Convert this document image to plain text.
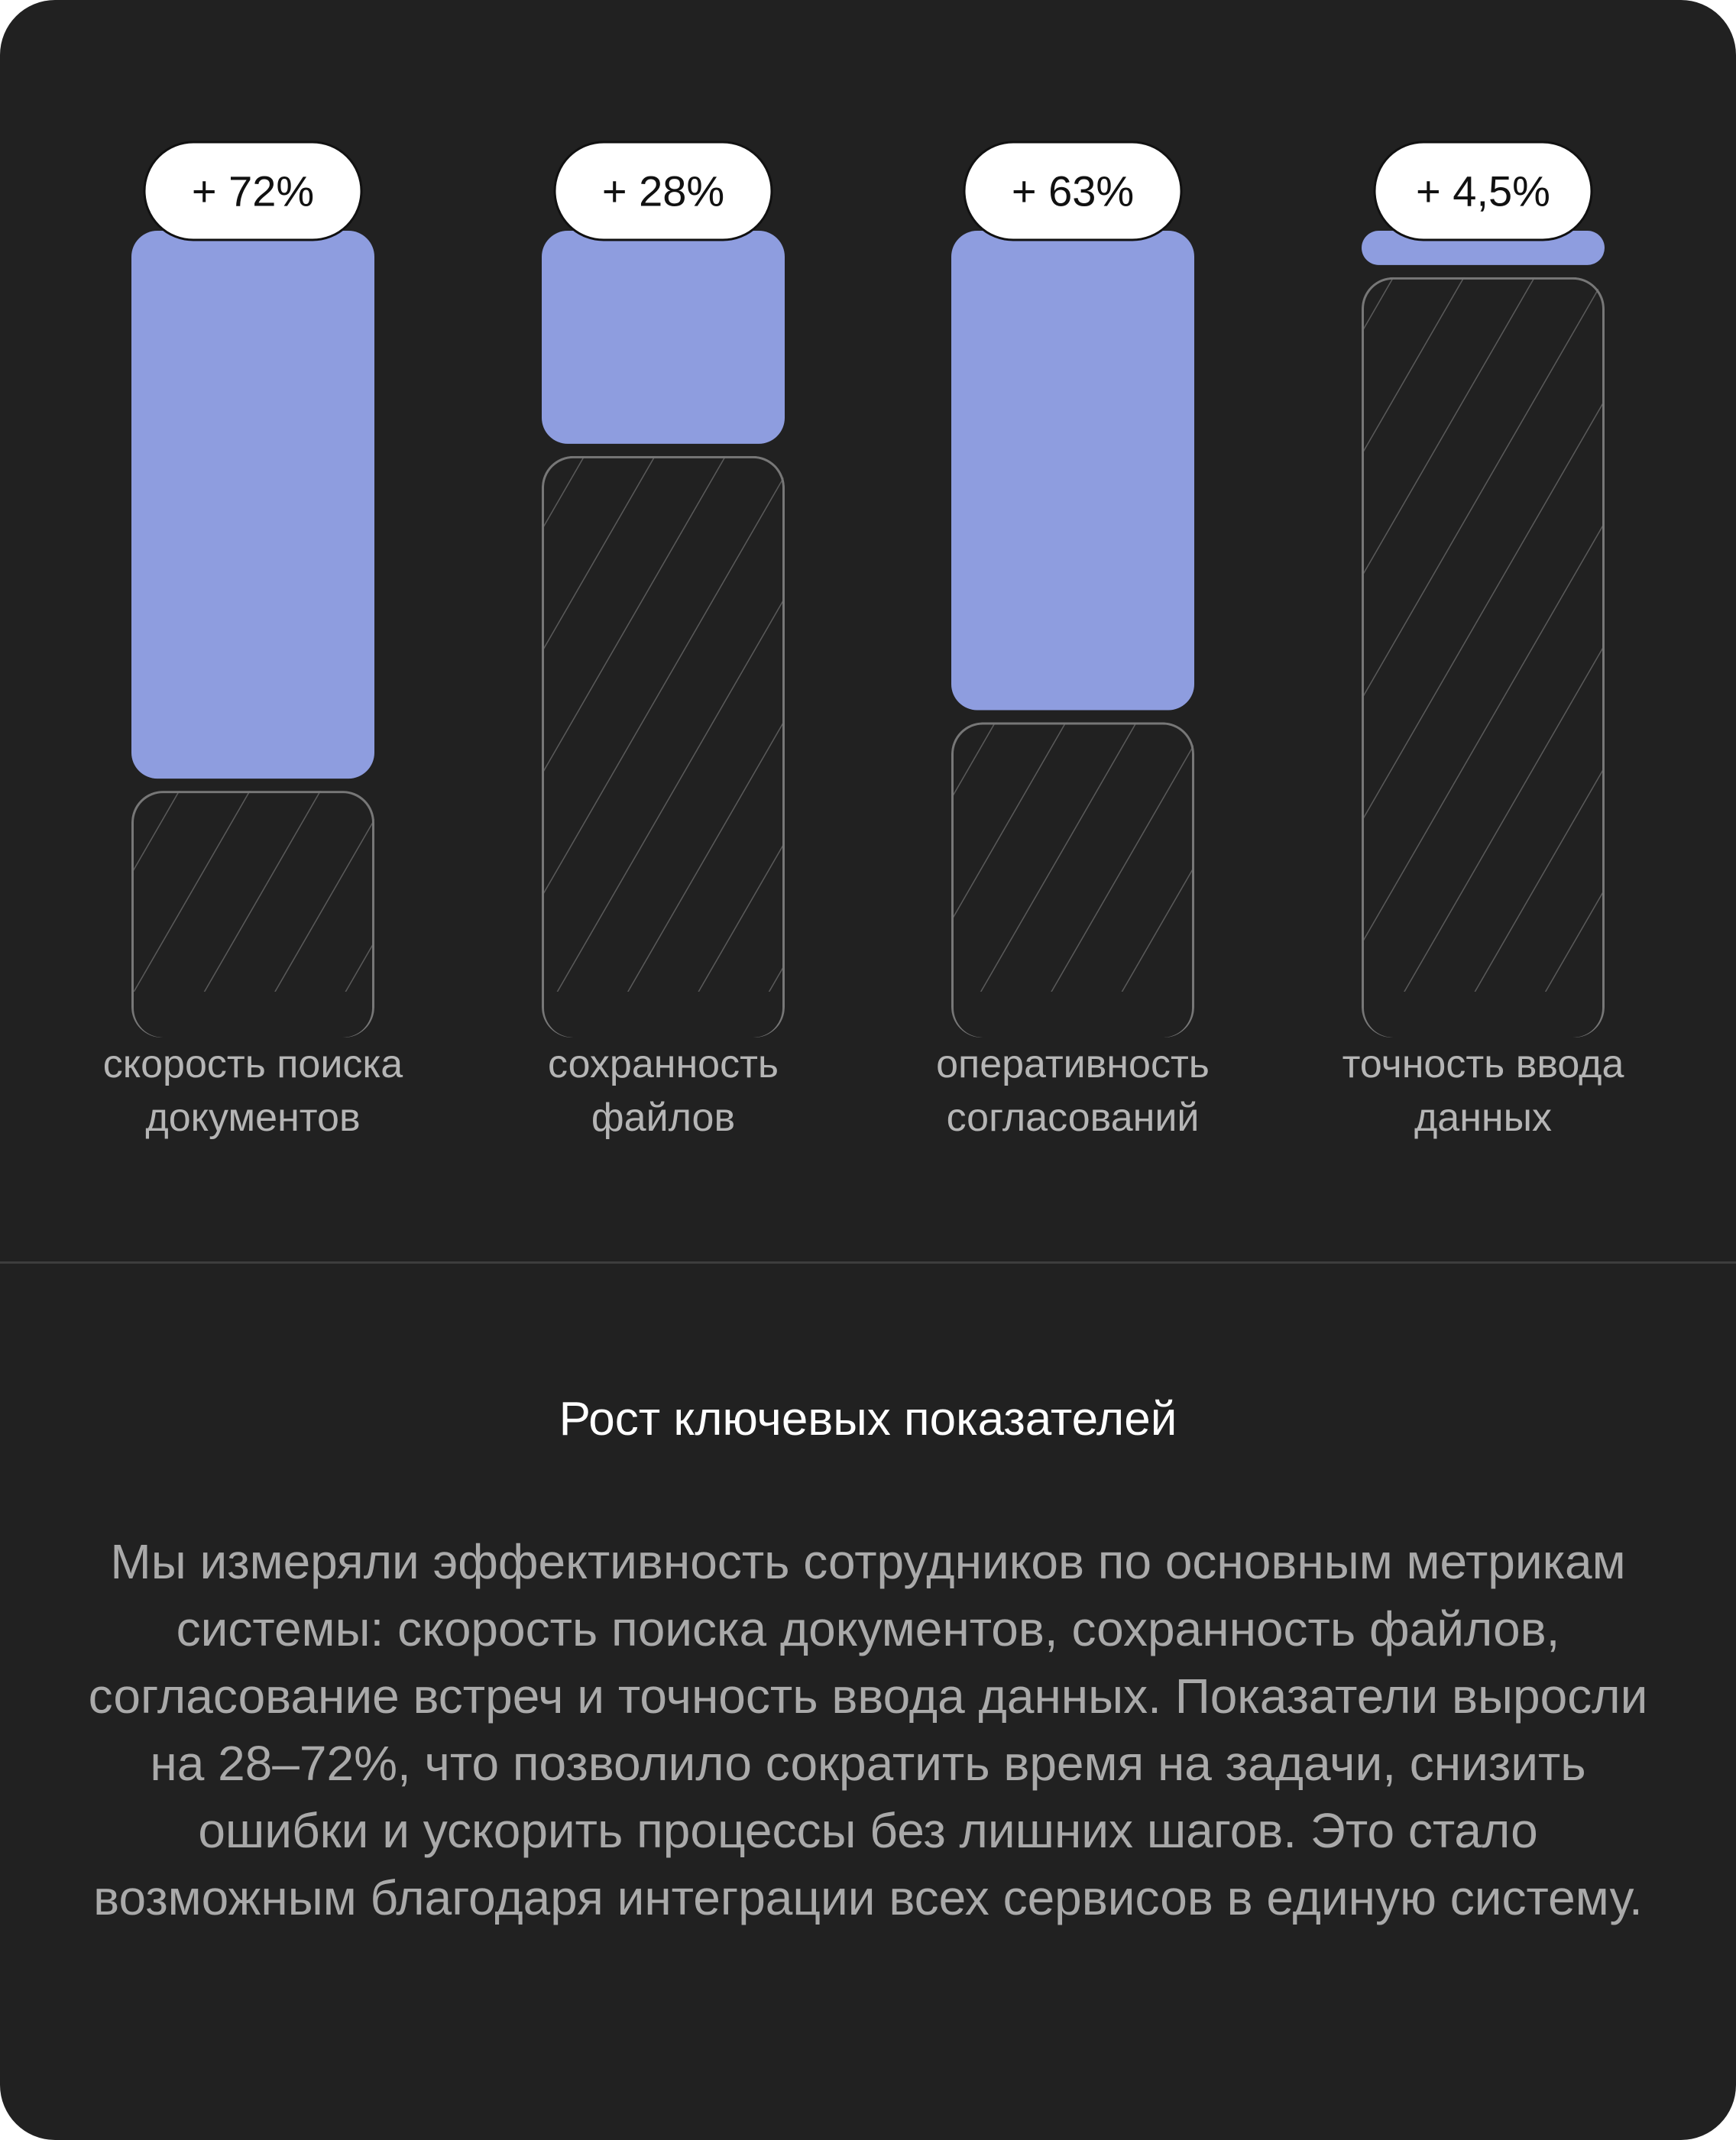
+ 72%
скорость поиска
документов
+ 28%
сохранность
файлов
+ 63%
оперативность
согласований
+ 4,5%
точность ввода
данных
Рост ключевых показателей
Мы измеряли эффективность сотрудников по основным метрикам системы: скорость поиска документов, сохранность файлов, согласование встреч и точность ввода данных. Показатели выросли на 28–72%, что позволило сократить время на задачи, снизить ошибки и ускорить процессы без лишних шагов. Это стало возможным благодаря интеграции всех сервисов в единую систему.
